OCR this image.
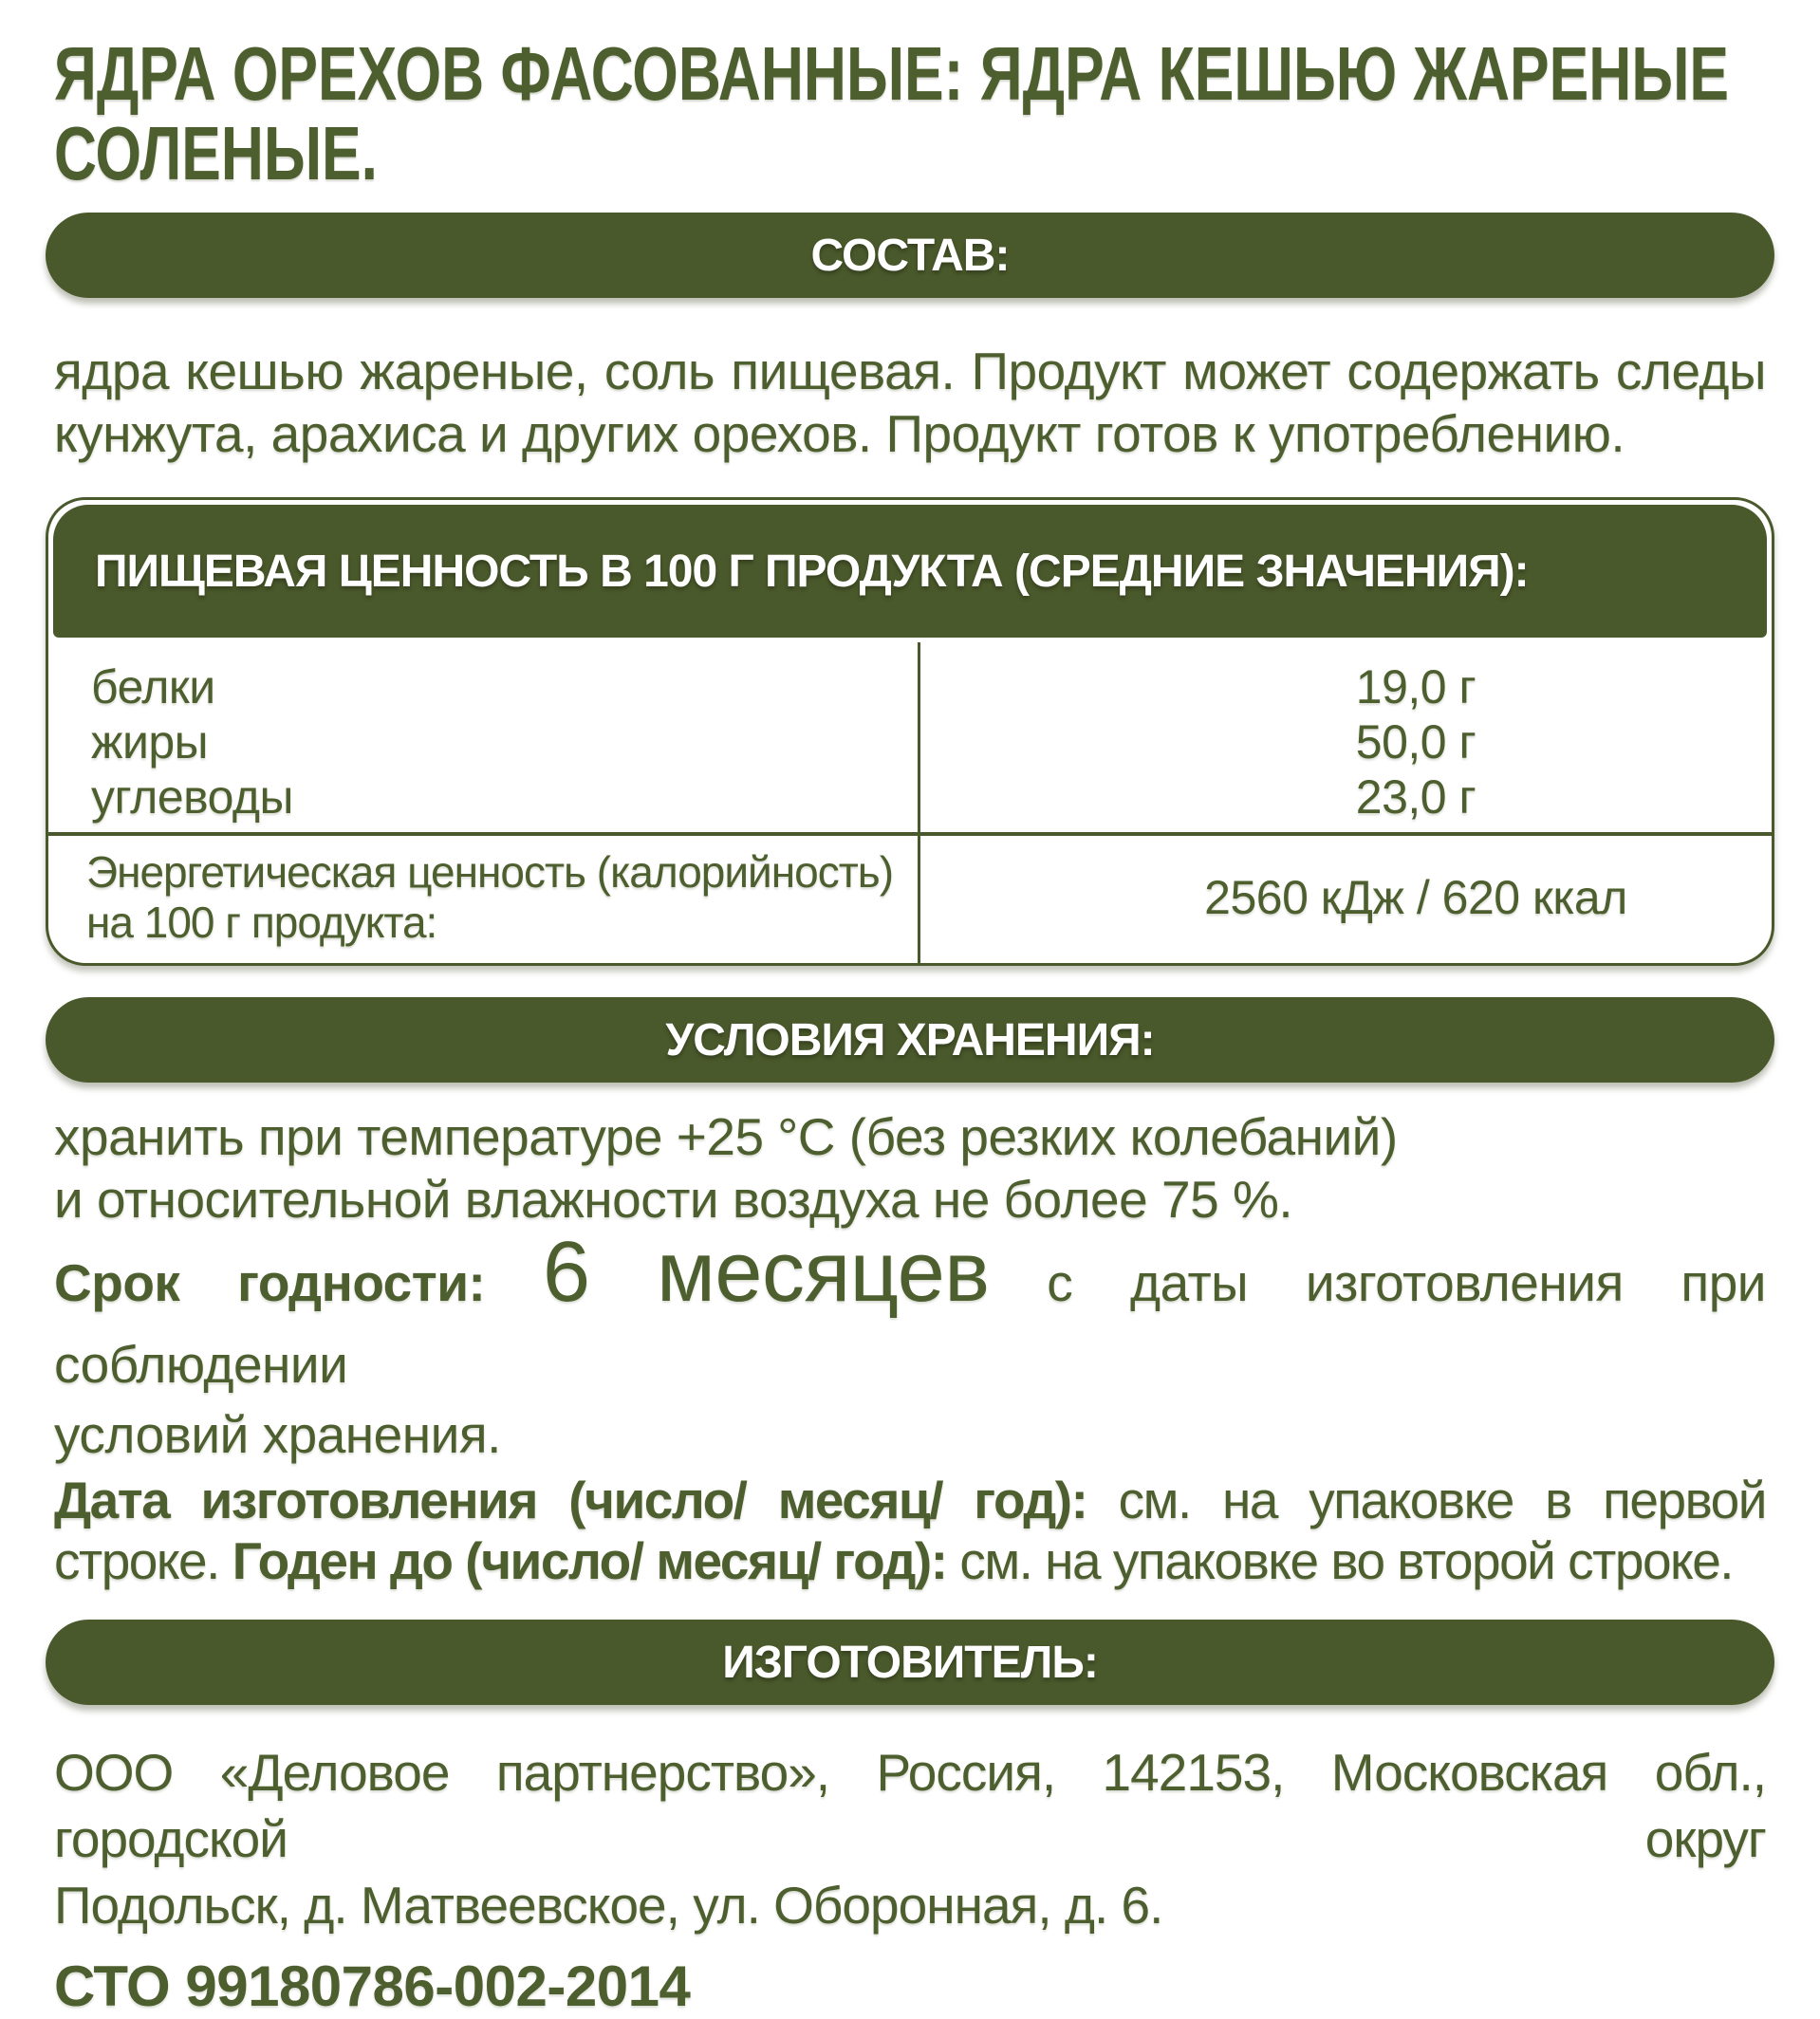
ЯДРА ОРЕХОВ ФАСОВАННЫЕ: ЯДРА КЕШЬЮ ЖАРЕНЫЕ
СОЛЕНЫЕ.
СОСТАВ:
ядра кешью жареные, соль пищевая. Продукт может содержать следы
кунжута, арахиса и других орехов. Продукт готов к употреблению.
ПИЩЕВАЯ ЦЕННОСТЬ В 100 Г ПРОДУКТА (СРЕДНИЕ ЗНАЧЕНИЯ):
белки
жиры
углеводы
19,0 г
50,0 г
23,0 г
Энергетическая ценность (калорийность)
на 100 г продукта:	2560 кДж / 620 ккал
УСЛОВИЯ ХРАНЕНИЯ:
хранить при температуре +25 °С (без резких колебаний)
и относительной влажности воздуха не более 75 %.
Срок годности: 6 месяцев с даты изготовления при соблюдении
условий хранения.
Дата изготовления (число/ месяц/ год): см. на упаковке в первой
строке. Годен до (число/ месяц/ год): см. на упаковке во второй строке.
ИЗГОТОВИТЕЛЬ:
ООО «Деловое партнерство», Россия, 142153, Московская обл., городской округ
Подольск, д. Матвеевское, ул. Оборонная, д. 6.
СТО 99180786-002-2014
